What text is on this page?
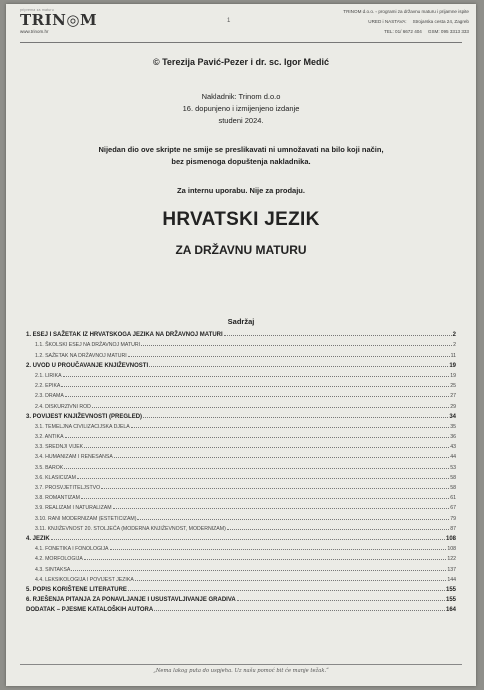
priprema za maturu
TRIN◎M
www.trinom.hr
1
TRINOM d.o.o. ▫ programi za državnu maturu i prijamne ispite
URED i NASTAVA: Strojarska cesta 24, Zagreb
TEL: 01/ 6672 404 GSM: 095 3313 333
© Terezija Pavić-Pezer i dr. sc. Igor Medić
Nakladnik: Trinom d.o.o
16. dopunjeno i izmijenjeno izdanje
studeni 2024.
Nijedan dio ove skripte ne smije se preslikavati ni umnožavati na bilo koji način,
bez pismenoga dopuštenja nakladnika.
Za internu uporabu. Nije za prodaju.
HRVATSKI JEZIK
ZA DRŽAVNU MATURU
Sadržaj
1. ESEJ I SAŽETAK IZ HRVATSKOGA JEZIKA NA DRŽAVNOJ MATURI	2
1.1. ŠKOLSKI ESEJ NA DRŽAVNOJ MATURI	2
1.2. SAŽETAK NA DRŽAVNOJ MATURI	11
2. UVOD U PROUČAVANJE KNJIŽEVNOSTI	19
2.1. LIRIKA	19
2.2. EPIKA	25
2.3. DRAMA	27
2.4. DISKURZIVNI ROD	29
3. POVIJEST KNJIŽEVNOSTI (PREGLED)	34
3.1. TEMELJNA CIVILIZACIJSKA DJELA	35
3.2. ANTIKA	36
3.3. SREDNJI VIJEK	43
3.4. HUMANIZAM I RENESANSA	44
3.5. BAROK	53
3.6. KLASICIZAM	58
3.7. PROSVJETITELJSTVO	58
3.8. ROMANTIZAM	61
3.9. REALIZAM I NATURALIZAM	67
3.10. RANI MODERNIZAM (ESTETICIZAM)	79
3.11. KNJIŽEVNOST 20. STOLJEĆA (MODERNA KNJIŽEVNOST, MODERNIZAM)	87
4. JEZIK	108
4.1. FONETIKA I FONOLOGIJA	108
4.2. MORFOLOGIJA	122
4.3. SINTAKSA	137
4.4. LEKSIKOLOGIJA I POVIJEST JEZIKA	144
5. POPIS KORIŠTENE LITERATURE	155
6. RJEŠENJA PITANJA ZA PONAVLJANJE I USUSTAVLJIVANJE GRADIVA	155
DODATAK – PJESME KATALOŠKIH AUTORA	164
„Nema lakog puta do uspjeha. Uz našu pomoć bit će manje težak.“
